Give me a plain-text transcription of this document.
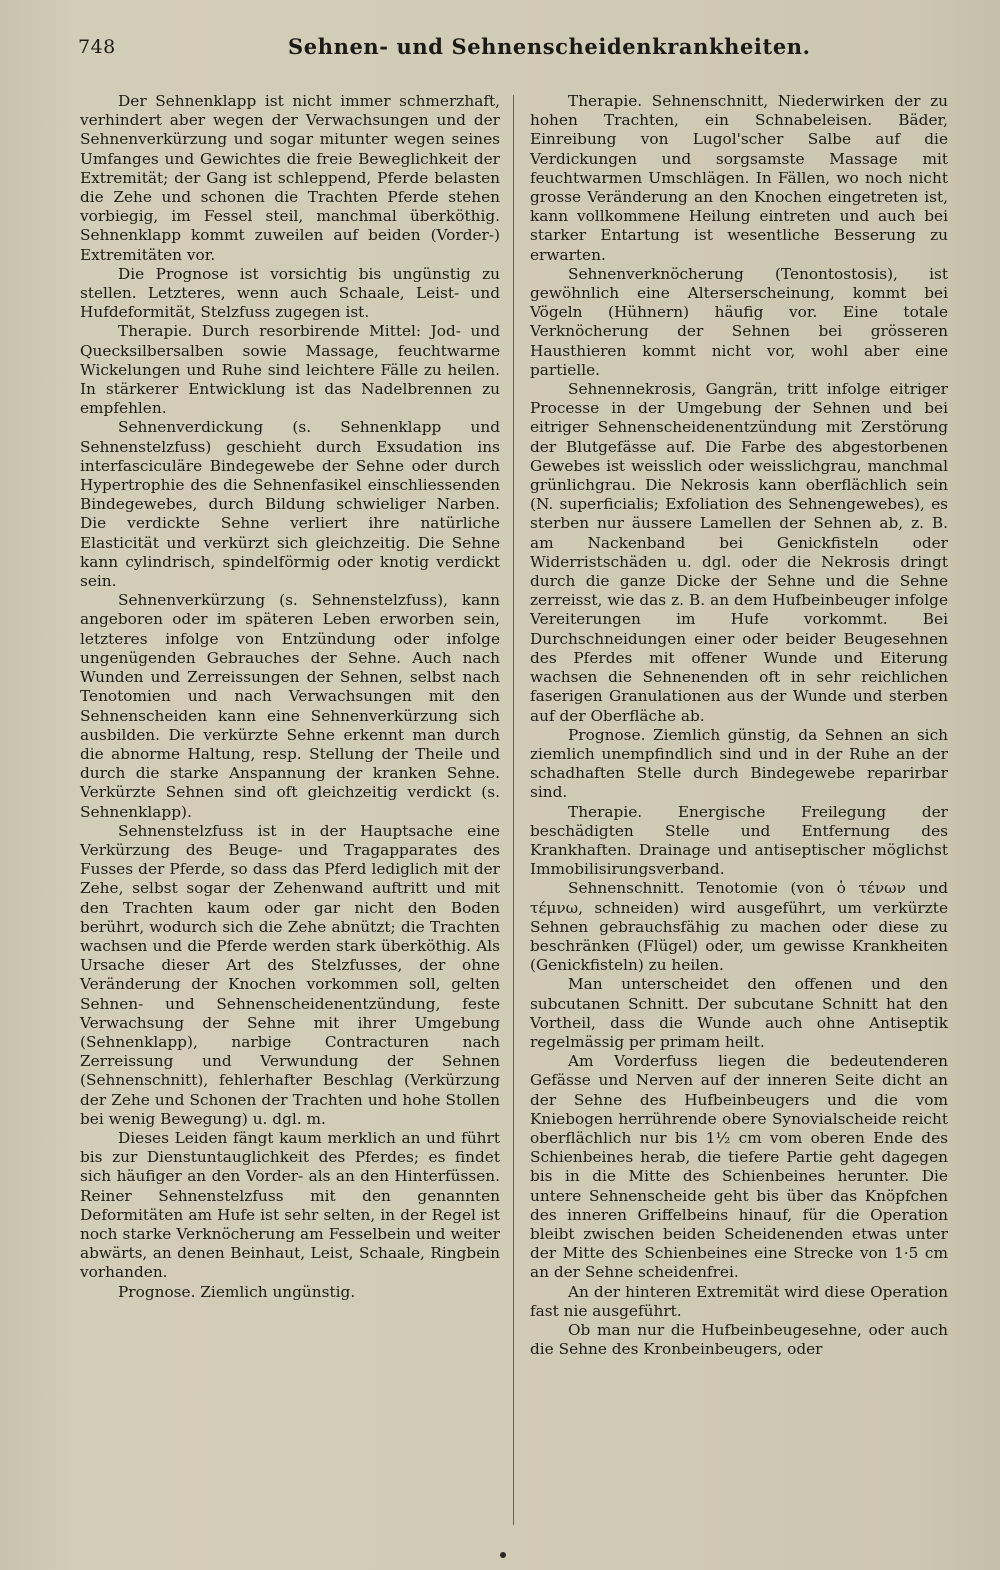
748	Sehnen- und Sehnenscheidenkrankheiten.

Der Sehnenklapp ist nicht immer schmerzhaft, verhindert aber wegen der Verwachsungen und der Sehnenverkürzung und sogar mitunter wegen seines Umfanges und Gewichtes die freie Beweglichkeit der Extremität; der Gang ist schleppend, Pferde belasten die Zehe und schonen die Trachten Pferde stehen vorbiegig, im Fessel steil, manchmal überköthig. Sehnenklapp kommt zuweilen auf beiden (Vorder-) Extremitäten vor.

Die Prognose ist vorsichtig bis ungünstig zu stellen. Letzteres, wenn auch Schaale, Leist- und Hufdeformität, Stelzfuss zugegen ist.

Therapie. Durch resorbirende Mittel: Jod- und Quecksilbersalben sowie Massage, feuchtwarme Wickelungen und Ruhe sind leichtere Fälle zu heilen. In stärkerer Entwicklung ist das Nadelbrennen zu empfehlen.

Sehnenverdickung (s. Sehnenklapp und Sehnenstelzfuss) geschieht durch Exsudation ins interfasciculäre Bindegewebe der Sehne oder durch Hypertrophie des die Sehnenfasikel einschliessenden Bindegewebes, durch Bildung schwieliger Narben. Die verdickte Sehne verliert ihre natürliche Elasticität und verkürzt sich gleichzeitig. Die Sehne kann cylindrisch, spindelförmig oder knotig verdickt sein.

Sehnenverkürzung (s. Sehnenstelzfuss), kann angeboren oder im späteren Leben erworben sein, letzteres infolge von Entzündung oder infolge ungenügenden Gebrauches der Sehne. Auch nach Wunden und Zerreissungen der Sehnen, selbst nach Tenotomien und nach Verwachsungen mit den Sehnenscheiden kann eine Sehnenverkürzung sich ausbilden. Die verkürzte Sehne erkennt man durch die abnorme Haltung, resp. Stellung der Theile und durch die starke Anspannung der kranken Sehne. Verkürzte Sehnen sind oft gleichzeitig verdickt (s. Sehnenklapp).

Sehnenstelzfuss ist in der Hauptsache eine Verkürzung des Beuge- und Tragapparates des Fusses der Pferde, so dass das Pferd lediglich mit der Zehe, selbst sogar der Zehenwand auftritt und mit den Trachten kaum oder gar nicht den Boden berührt, wodurch sich die Zehe abnützt; die Trachten wachsen und die Pferde werden stark überköthig. Als Ursache dieser Art des Stelzfusses, der ohne Veränderung der Knochen vorkommen soll, gelten Sehnen- und Sehnenscheidenentzündung, feste Verwachsung der Sehne mit ihrer Umgebung (Sehnenklapp), narbige Contracturen nach Zerreissung und Verwundung der Sehnen (Sehnenschnitt), fehlerhafter Beschlag (Verkürzung der Zehe und Schonen der Trachten und hohe Stollen bei wenig Bewegung) u. dgl. m.

Dieses Leiden fängt kaum merklich an und führt bis zur Dienstuntauglichkeit des Pferdes; es findet sich häufiger an den Vorder- als an den Hinterfüssen. Reiner Sehnenstelzfuss mit den genannten Deformitäten am Hufe ist sehr selten, in der Regel ist noch starke Verknöcherung am Fesselbein und weiter abwärts, an denen Beinhaut, Leist, Schaale, Ringbein vorhanden.

Prognose. Ziemlich ungünstig.

Therapie. Sehnenschnitt, Niederwirken der zu hohen Trachten, ein Schnabeleisen. Bäder, Einreibung von Lugol'scher Salbe auf die Verdickungen und sorgsamste Massage mit feuchtwarmen Umschlägen. In Fällen, wo noch nicht grosse Veränderung an den Knochen eingetreten ist, kann vollkommene Heilung eintreten und auch bei starker Entartung ist wesentliche Besserung zu erwarten.

Sehnenverknöcherung (Tenontostosis), ist gewöhnlich eine Alterserscheinung, kommt bei Vögeln (Hühnern) häufig vor. Eine totale Verknöcherung der Sehnen bei grösseren Hausthieren kommt nicht vor, wohl aber eine partielle.

Sehnennekrosis, Gangrän, tritt infolge eitriger Processe in der Umgebung der Sehnen und bei eitriger Sehnenscheidenentzündung mit Zerstörung der Blutgefässe auf. Die Farbe des abgestorbenen Gewebes ist weisslich oder weisslichgrau, manchmal grünlichgrau. Die Nekrosis kann oberflächlich sein (N. superficialis; Exfoliation des Sehnengewebes), es sterben nur äussere Lamellen der Sehnen ab, z. B. am Nackenband bei Genickfisteln oder Widerristschäden u. dgl. oder die Nekrosis dringt durch die ganze Dicke der Sehne und die Sehne zerreisst, wie das z. B. an dem Hufbeinbeuger infolge Vereiterungen im Hufe vorkommt. Bei Durchschneidungen einer oder beider Beugesehnen des Pferdes mit offener Wunde und Eiterung wachsen die Sehnenenden oft in sehr reichlichen faserigen Granulationen aus der Wunde und sterben auf der Oberfläche ab.

Prognose. Ziemlich günstig, da Sehnen an sich ziemlich unempfindlich sind und in der Ruhe an der schadhaften Stelle durch Bindegewebe reparirbar sind.

Therapie. Energische Freilegung der beschädigten Stelle und Entfernung des Krankhaften. Drainage und antiseptischer möglichst Immobilisirungsverband.

Sehnenschnitt. Tenotomie (von ὁ τένων und τέμνω, schneiden) wird ausgeführt, um verkürzte Sehnen gebrauchsfähig zu machen oder diese zu beschränken (Flügel) oder, um gewisse Krankheiten (Genickfisteln) zu heilen.

Man unterscheidet den offenen und den subcutanen Schnitt. Der subcutane Schnitt hat den Vortheil, dass die Wunde auch ohne Antiseptik regelmässig per primam heilt.

Am Vorderfuss liegen die bedeutenderen Gefässe und Nerven auf der inneren Seite dicht an der Sehne des Hufbeinbeugers und die vom Kniebogen herrührende obere Synovialscheide reicht oberflächlich nur bis 1½ cm vom oberen Ende des Schienbeines herab, die tiefere Partie geht dagegen bis in die Mitte des Schienbeines herunter. Die untere Sehnenscheide geht bis über das Knöpfchen des inneren Griffelbeins hinauf, für die Operation bleibt zwischen beiden Scheidenenden etwas unter der Mitte des Schienbeines eine Strecke von 1·5 cm an der Sehne scheidenfrei.

An der hinteren Extremität wird diese Operation fast nie ausgeführt.

Ob man nur die Hufbeinbeugesehne, oder auch die Sehne des Kronbeinbeugers, oder
